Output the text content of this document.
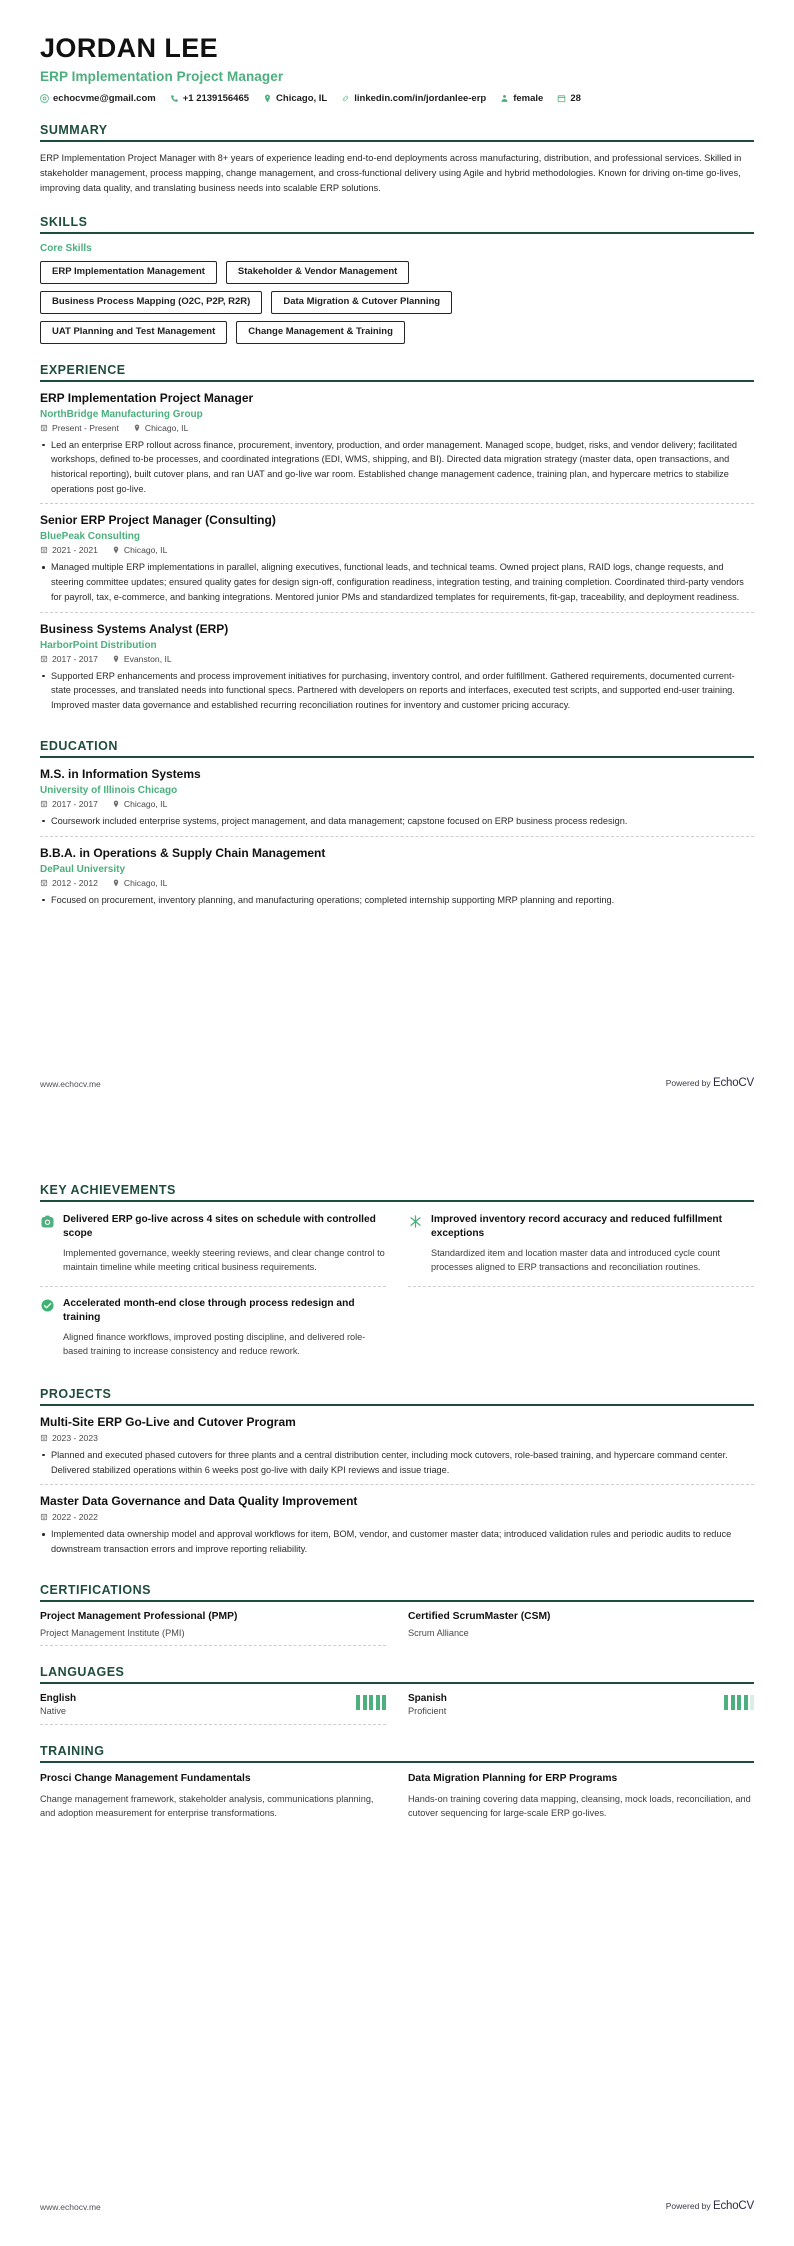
JORDAN LEE
ERP Implementation Project Manager
echocvme@gmail.com	+1 2139156465	Chicago, IL	linkedin.com/in/jordanlee-erp	female	28
SUMMARY
ERP Implementation Project Manager with 8+ years of experience leading end-to-end deployments across manufacturing, distribution, and professional services. Skilled in stakeholder management, process mapping, change management, and cross-functional delivery using Agile and hybrid methodologies. Known for driving on-time go-lives, improving data quality, and translating business needs into scalable ERP solutions.
SKILLS
Core Skills
ERP Implementation Management	Stakeholder & Vendor Management
Business Process Mapping (O2C, P2P, R2R)	Data Migration & Cutover Planning
UAT Planning and Test Management	Change Management & Training
EXPERIENCE
ERP Implementation Project Manager
NorthBridge Manufacturing Group
Present - Present	Chicago, IL
Led an enterprise ERP rollout across finance, procurement, inventory, production, and order management. Managed scope, budget, risks, and vendor delivery; facilitated workshops, defined to-be processes, and coordinated integrations (EDI, WMS, shipping, and BI). Directed data migration strategy (master data, open transactions, and historical reporting), built cutover plans, and ran UAT and go-live war room. Established change management cadence, training plan, and hypercare metrics to stabilize operations post go-live.
Senior ERP Project Manager (Consulting)
BluePeak Consulting
2021 - 2021	Chicago, IL
Managed multiple ERP implementations in parallel, aligning executives, functional leads, and technical teams. Owned project plans, RAID logs, change requests, and steering committee updates; ensured quality gates for design sign-off, configuration readiness, integration testing, and training completion. Coordinated third-party vendors for payroll, tax, e-commerce, and banking integrations. Mentored junior PMs and standardized templates for requirements, fit-gap, traceability, and deployment readiness.
Business Systems Analyst (ERP)
HarborPoint Distribution
2017 - 2017	Evanston, IL
Supported ERP enhancements and process improvement initiatives for purchasing, inventory control, and order fulfillment. Gathered requirements, documented current-state processes, and translated needs into functional specs. Partnered with developers on reports and interfaces, executed test scripts, and supported end-user training. Improved master data governance and established recurring reconciliation routines for inventory and customer pricing accuracy.
EDUCATION
M.S. in Information Systems
University of Illinois Chicago
2017 - 2017	Chicago, IL
Coursework included enterprise systems, project management, and data management; capstone focused on ERP business process redesign.
B.B.A. in Operations & Supply Chain Management
DePaul University
2012 - 2012	Chicago, IL
Focused on procurement, inventory planning, and manufacturing operations; completed internship supporting MRP planning and reporting.
www.echocv.me	Powered by EchoCV
KEY ACHIEVEMENTS
Delivered ERP go-live across 4 sites on schedule with controlled scope
Implemented governance, weekly steering reviews, and clear change control to maintain timeline while meeting critical business requirements.
Improved inventory record accuracy and reduced fulfillment exceptions
Standardized item and location master data and introduced cycle count processes aligned to ERP transactions and reconciliation routines.
Accelerated month-end close through process redesign and training
Aligned finance workflows, improved posting discipline, and delivered role-based training to increase consistency and reduce rework.
PROJECTS
Multi-Site ERP Go-Live and Cutover Program
2023 - 2023
Planned and executed phased cutovers for three plants and a central distribution center, including mock cutovers, role-based training, and hypercare command center. Delivered stabilized operations within 6 weeks post go-live with daily KPI reviews and issue triage.
Master Data Governance and Data Quality Improvement
2022 - 2022
Implemented data ownership model and approval workflows for item, BOM, vendor, and customer master data; introduced validation rules and periodic audits to reduce downstream transaction errors and improve reporting reliability.
CERTIFICATIONS
Project Management Professional (PMP)
Project Management Institute (PMI)
Certified ScrumMaster (CSM)
Scrum Alliance
LANGUAGES
English
Native
Spanish
Proficient
TRAINING
Prosci Change Management Fundamentals
Change management framework, stakeholder analysis, communications planning, and adoption measurement for enterprise transformations.
Data Migration Planning for ERP Programs
Hands-on training covering data mapping, cleansing, mock loads, reconciliation, and cutover sequencing for large-scale ERP go-lives.
www.echocv.me	Powered by EchoCV
